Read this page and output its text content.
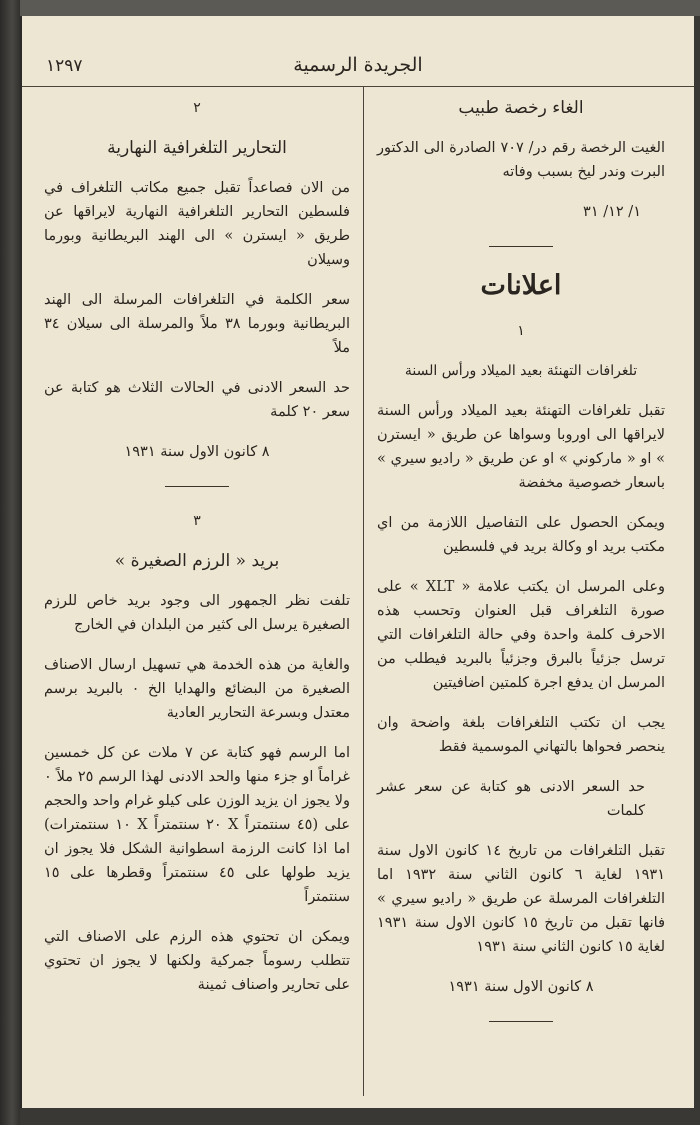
١٢٩٧	الجريدة الرسمية

الغاء رخصة طبيب

الغيت الرخصة رقم در/ ٧٠٧ الصادرة الى الدكتور البرت وندر ليخ بسبب وفاته

١/ ١٢/ ٣١

اعلانات

١

تلغرافات التهنئة بعيد الميلاد ورأس السنة

تقبل تلغرافات التهنئة بعيد الميلاد ورأس السنة لايراقها الى اوروبا وسواها عن طريق « ايسترن » او « ماركوني » او عن طريق « راديو سيري » باسعار خصوصية مخفضة

ويمكن الحصول على التفاصيل اللازمة من اي مكتب بريد او وكالة بريد في فلسطين

وعلى المرسل ان يكتب علامة « XLT » على صورة التلغراف قبل العنوان وتحسب هذه الاحرف كلمة واحدة وفي حالة التلغرافات التي ترسل جزئياً بالبرق وجزئياً بالبريد فيطلب من المرسل ان يدفع اجرة كلمتين اضافيتين

يجب ان تكتب التلغرافات بلغة واضحة وان ينحصر فحواها بالتهاني الموسمية فقط

حد السعر الادنى هو كتابة عن سعر عشر كلمات

تقبل التلغرافات من تاريخ ١٤ كانون الاول سنة ١٩٣١ لغاية ٦ كانون الثاني سنة ١٩٣٢ اما التلغرافات المرسلة عن طريق « راديو سيري » فانها تقبل من تاريخ ١٥ كانون الاول سنة ١٩٣١ لغاية ١٥ كانون الثاني سنة ١٩٣١

٨ كانون الاول سنة ١٩٣١

٢

التحارير التلغرافية النهارية

من الان فصاعداً تقبل جميع مكاتب التلغراف في فلسطين التحارير التلغرافية النهارية لايراقها عن طريق « ايسترن » الى الهند البريطانية وبورما وسيلان

سعر الكلمة في التلغرافات المرسلة الى الهند البريطانية وبورما ٣٨ ملاً والمرسلة الى سيلان ٣٤ ملاً

حد السعر الادنى في الحالات الثلاث هو كتابة عن سعر ٢٠ كلمة

٨ كانون الاول سنة ١٩٣١

٣

بريد « الرزم الصغيرة »

تلفت نظر الجمهور الى وجود بريد خاص للرزم الصغيرة يرسل الى كثير من البلدان في الخارج

والغاية من هذه الخدمة هي تسهيل ارسال الاصناف الصغيرة من البضائع والهدايا الخ ٠ بالبريد برسم معتدل وبسرعة التحارير العادية

اما الرسم فهو كتابة عن ٧ ملات عن كل خمسين غراماً او جزء منها والحد الادنى لهذا الرسم ٢٥ ملاً ٠ ولا يجوز ان يزيد الوزن على كيلو غرام واحد والحجم على (٤٥ سنتمتراً X ٢٠ سنتمتراً X ١٠ سنتمترات) اما اذا كانت الرزمة اسطوانية الشكل فلا يجوز ان يزيد طولها على ٤٥ سنتمتراً وقطرها على ١٥ سنتمتراً

ويمكن ان تحتوي هذه الرزم على الاصناف التي تتطلب رسوماً جمركية ولكنها لا يجوز ان تحتوي على تحارير واصناف ثمينة
